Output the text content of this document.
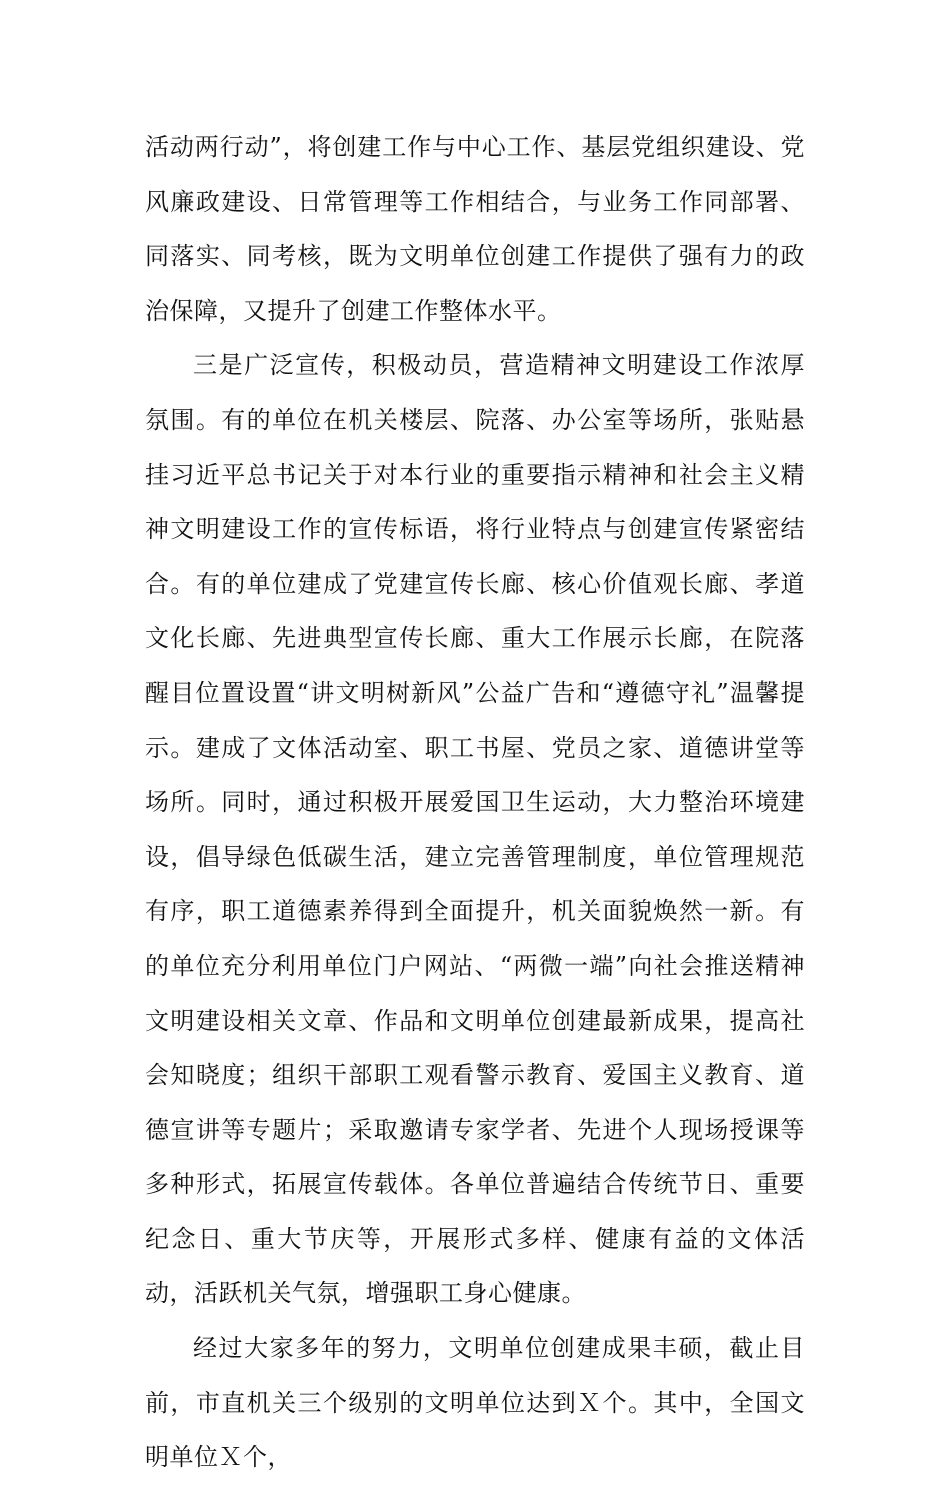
活动两行动”，将创建工作与中心工作、基层党组织建设、党风廉政建设、日常管理等工作相结合，与业务工作同部署、同落实、同考核，既为文明单位创建工作提供了强有力的政治保障，又提升了创建工作整体水平。

三是广泛宣传，积极动员，营造精神文明建设工作浓厚氛围。有的单位在机关楼层、院落、办公室等场所，张贴悬挂习近平总书记关于对本行业的重要指示精神和社会主义精神文明建设工作的宣传标语，将行业特点与创建宣传紧密结合。有的单位建成了党建宣传长廊、核心价值观长廊、孝道文化长廊、先进典型宣传长廊、重大工作展示长廊，在院落醒目位置设置“讲文明树新风”公益广告和“遵德守礼”温馨提示。建成了文体活动室、职工书屋、党员之家、道德讲堂等场所。同时，通过积极开展爱国卫生运动，大力整治环境建设，倡导绿色低碳生活，建立完善管理制度，单位管理规范有序，职工道德素养得到全面提升，机关面貌焕然一新。有的单位充分利用单位门户网站、“两微一端”向社会推送精神文明建设相关文章、作品和文明单位创建最新成果，提高社会知晓度；组织干部职工观看警示教育、爱国主义教育、道德宣讲等专题片；采取邀请专家学者、先进个人现场授课等多种形式，拓展宣传载体。各单位普遍结合传统节日、重要纪念日、重大节庆等，开展形式多样、健康有益的文体活动，活跃机关气氛，增强职工身心健康。

经过大家多年的努力，文明单位创建成果丰硕，截止目前，市直机关三个级别的文明单位达到Ｘ个。其中，全国文明单位Ｘ个，
